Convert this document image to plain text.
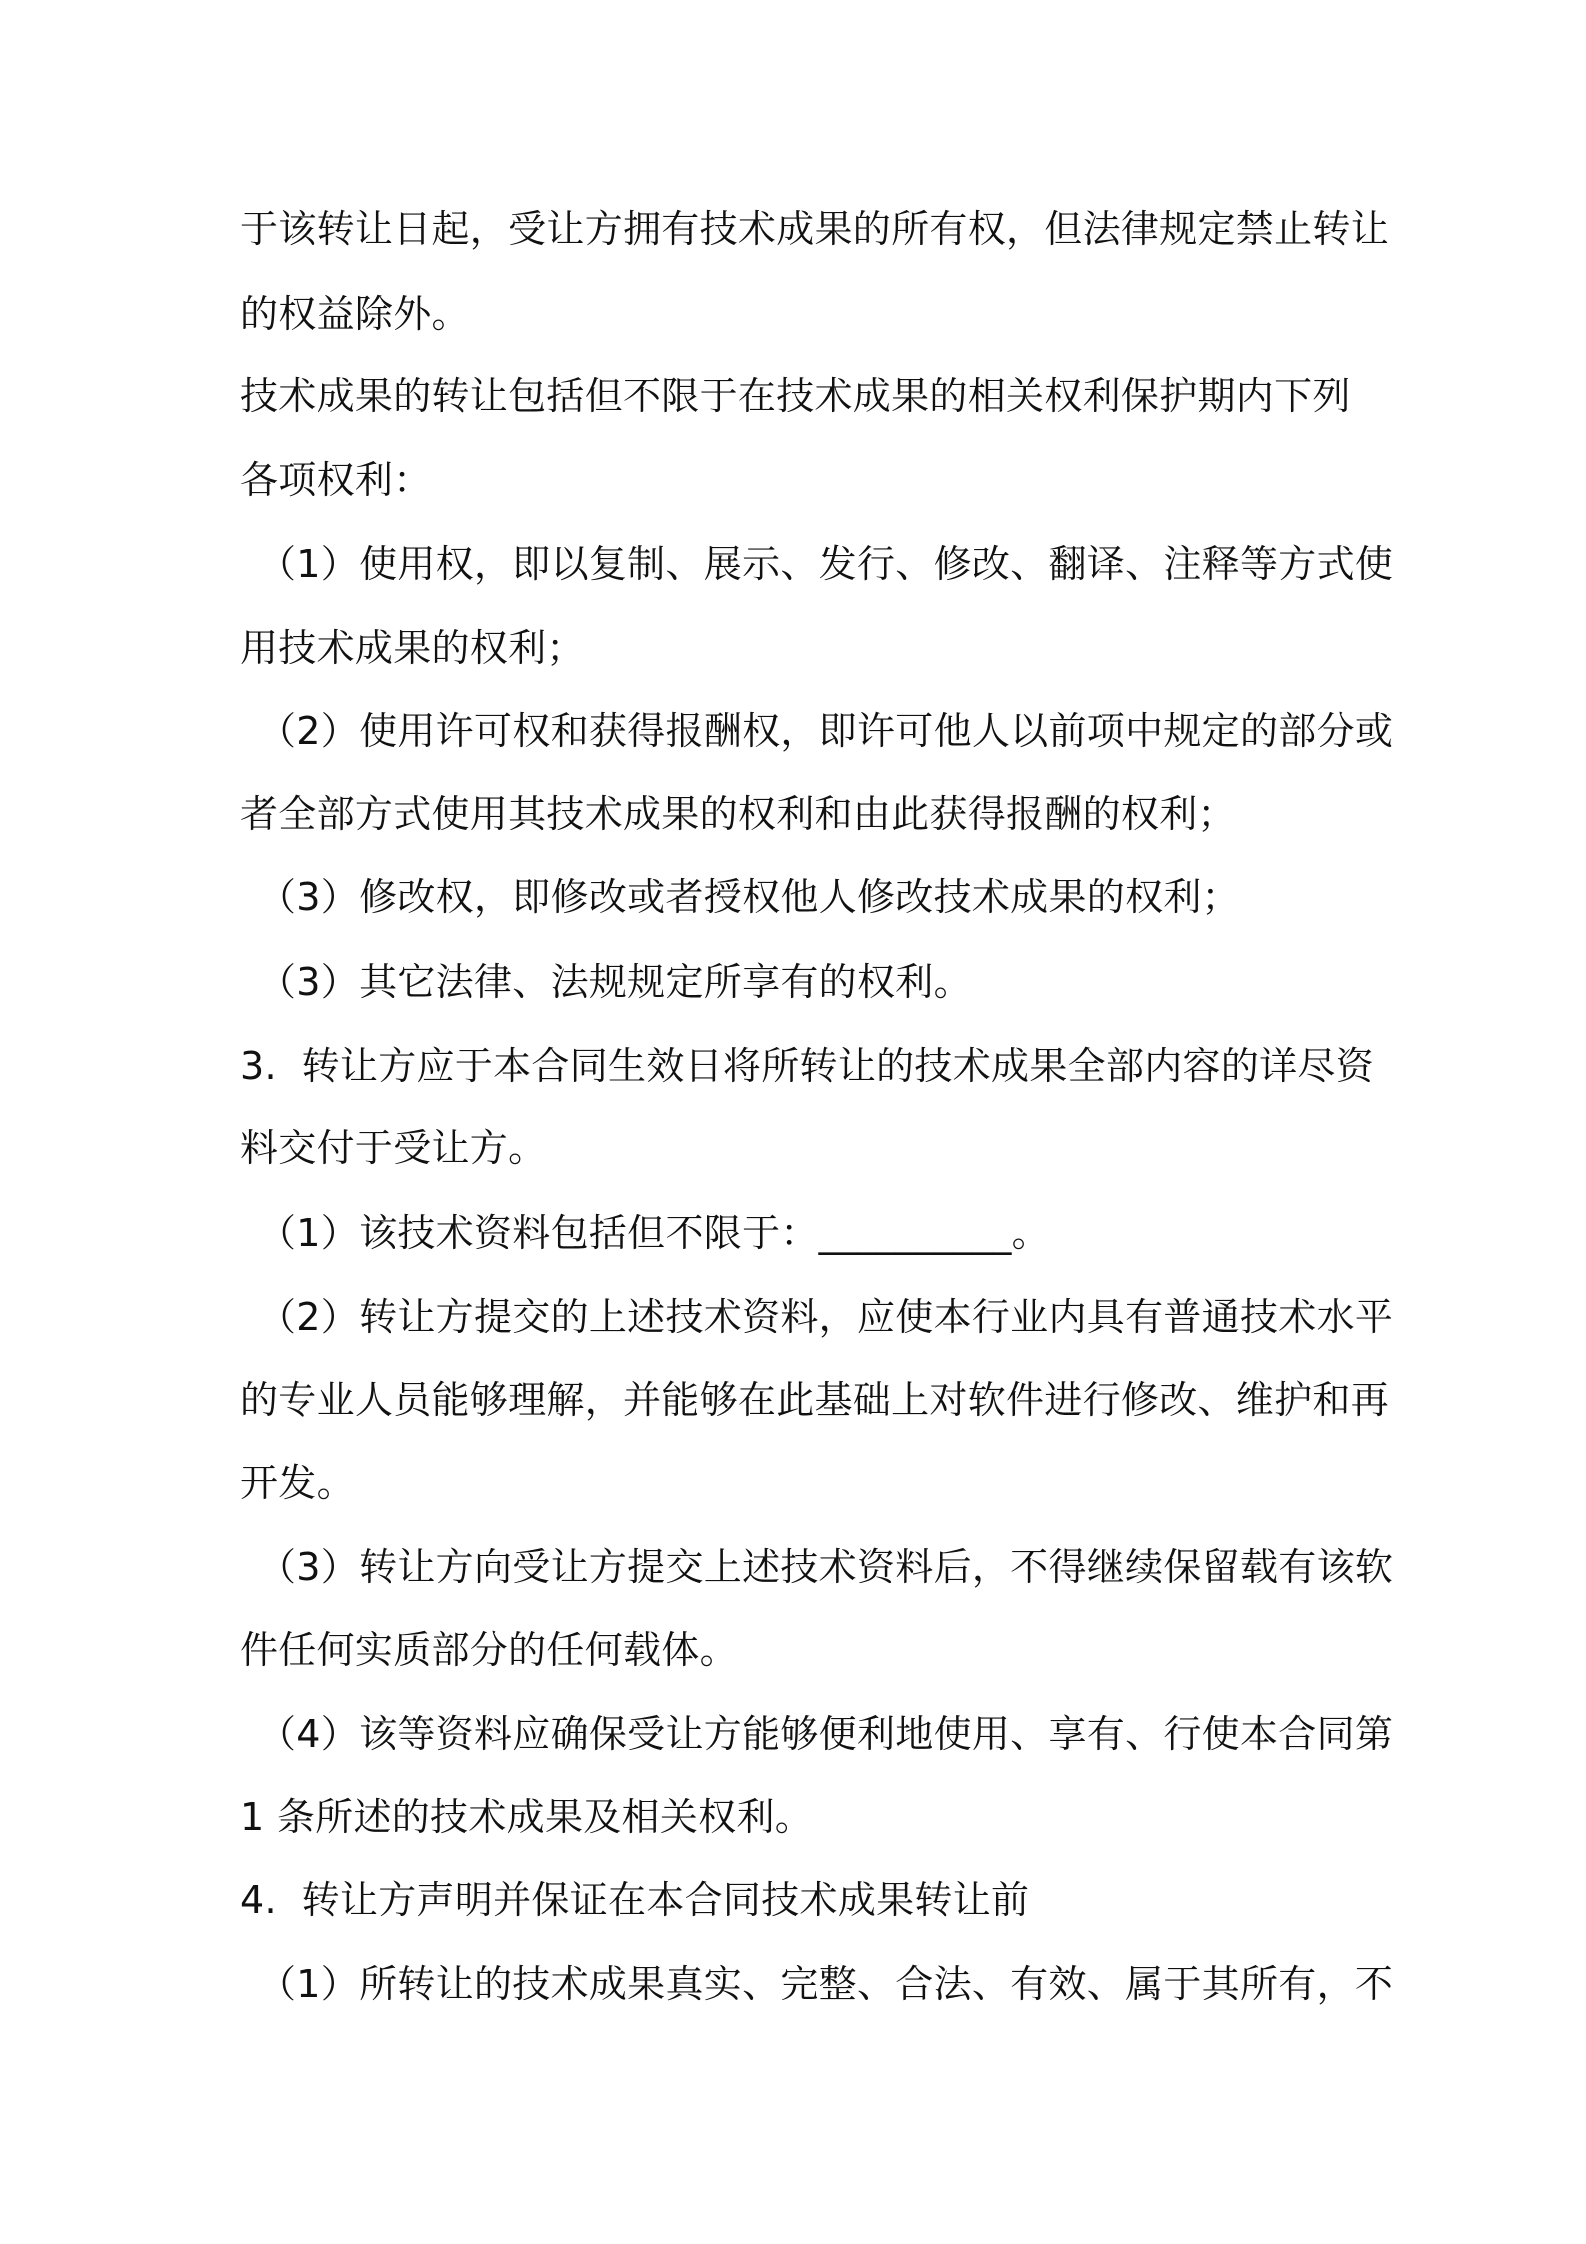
于该转让日起，受让方拥有技术成果的所有权，但法律规定禁止转让
的权益除外。
技术成果的转让包括但不限于在技术成果的相关权利保护期内下列
各项权利：
（1）使用权，即以复制、展示、发行、修改、翻译、注释等方式使
用技术成果的权利；
（2）使用许可权和获得报酬权，即许可他人以前项中规定的部分或
者全部方式使用其技术成果的权利和由此获得报酬的权利；
（3）修改权，即修改或者授权他人修改技术成果的权利；
（3）其它法律、法规规定所享有的权利。
3.  转让方应于本合同生效日将所转让的技术成果全部内容的详尽资
料交付于受让方。
（1）该技术资料包括但不限于：__________。
（2）转让方提交的上述技术资料，应使本行业内具有普通技术水平
的专业人员能够理解，并能够在此基础上对软件进行修改、维护和再
开发。
（3）转让方向受让方提交上述技术资料后，不得继续保留载有该软
件任何实质部分的任何载体。
（4）该等资料应确保受让方能够便利地使用、享有、行使本合同第
1 条所述的技术成果及相关权利。
4.  转让方声明并保证在本合同技术成果转让前
（1）所转让的技术成果真实、完整、合法、有效、属于其所有，不
